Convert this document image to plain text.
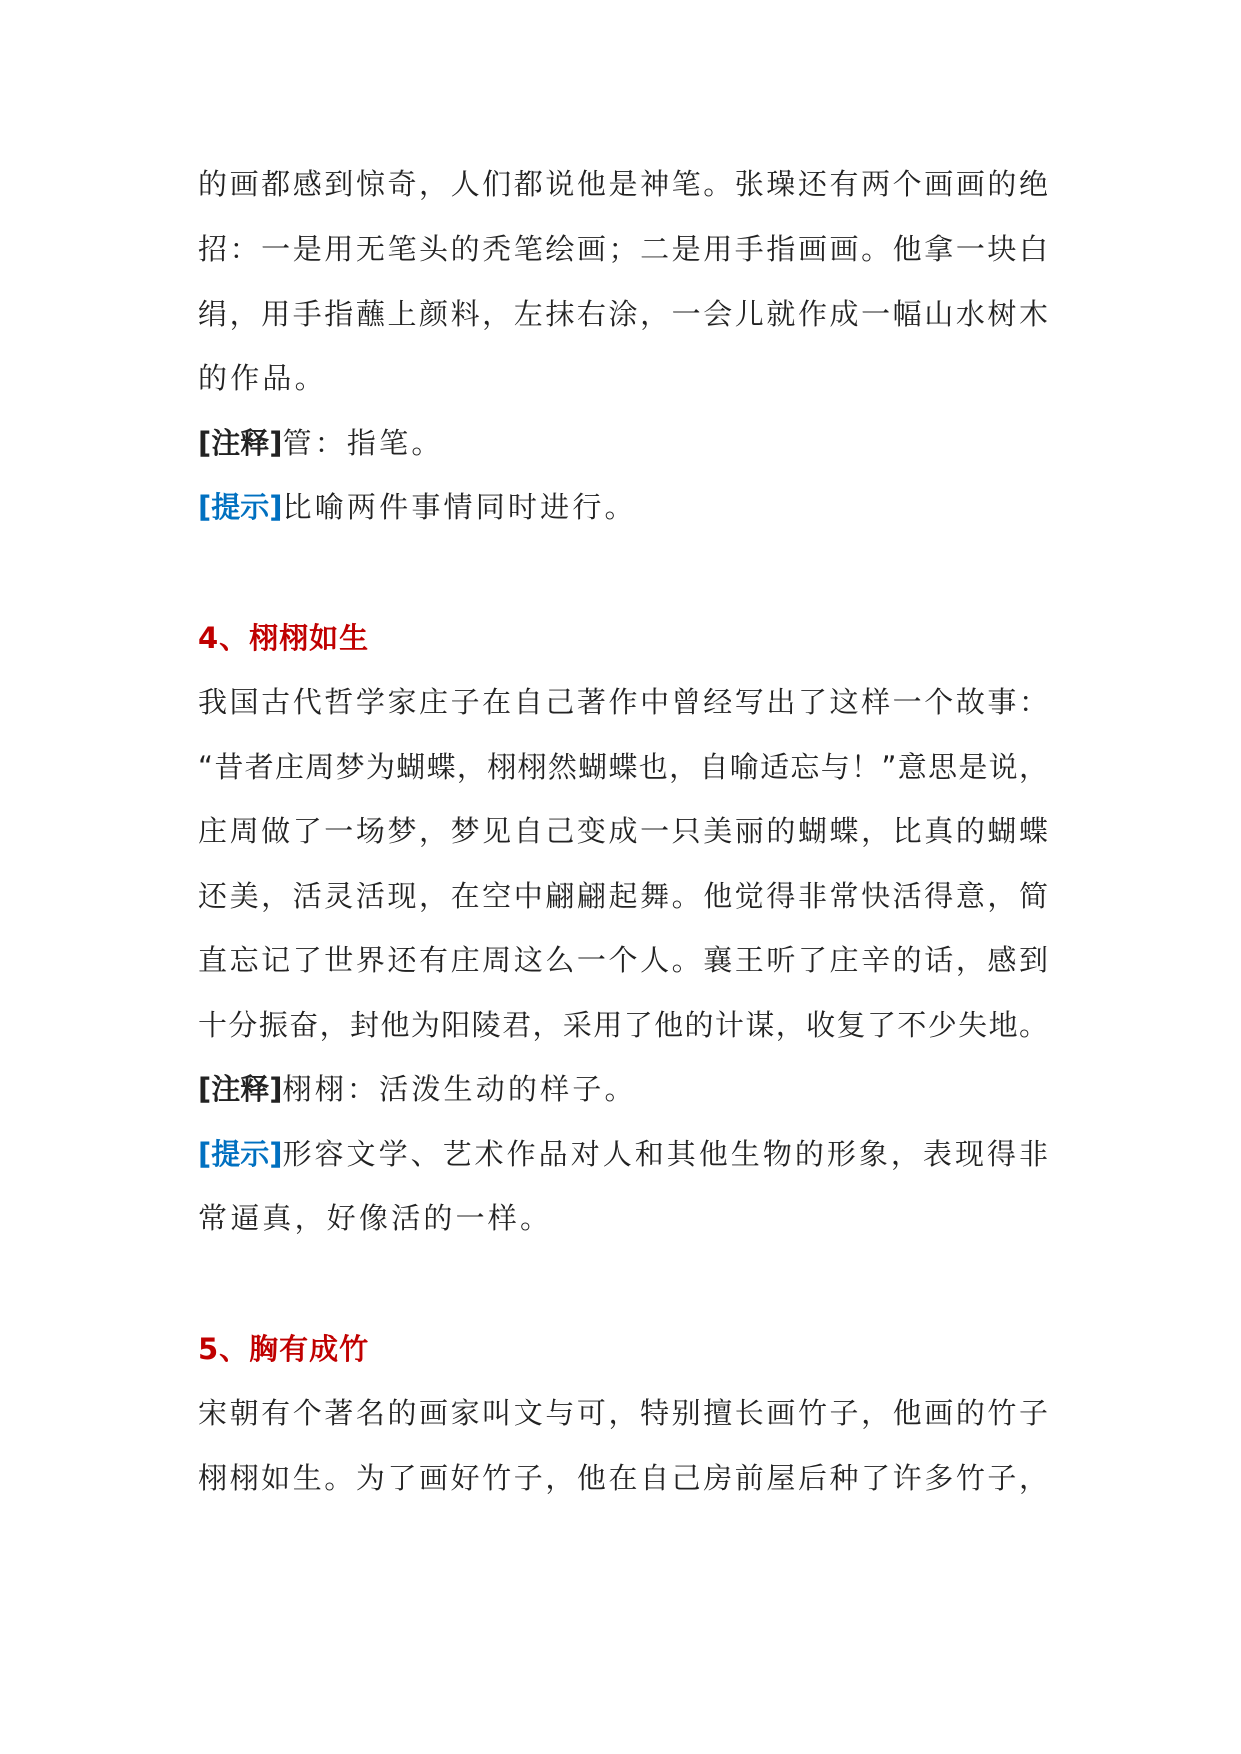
的画都感到惊奇，人们都说他是神笔。张璪还有两个画画的绝
招：一是用无笔头的秃笔绘画；二是用手指画画。他拿一块白
绢，用手指蘸上颜料，左抹右涂，一会儿就作成一幅山水树木
的作品。
[注释]管：指笔。
[提示]比喻两件事情同时进行。
4、栩栩如生
我国古代哲学家庄子在自己著作中曾经写出了这样一个故事：
“昔者庄周梦为蝴蝶，栩栩然蝴蝶也，自喻适忘与！”意思是说，
庄周做了一场梦，梦见自己变成一只美丽的蝴蝶，比真的蝴蝶
还美，活灵活现，在空中翩翩起舞。他觉得非常快活得意，简
直忘记了世界还有庄周这么一个人。襄王听了庄辛的话，感到
十分振奋，封他为阳陵君，采用了他的计谋，收复了不少失地。
[注释]栩栩：活泼生动的样子。
[提示] 形容文学、艺术作品对人和其他生物的形象，表现得非
常逼真，好像活的一样。
5、胸有成竹
宋朝有个著名的画家叫文与可，特别擅长画竹子，他画的竹子
栩栩如生。为了画好竹子，他在自己房前屋后种了许多竹子，
